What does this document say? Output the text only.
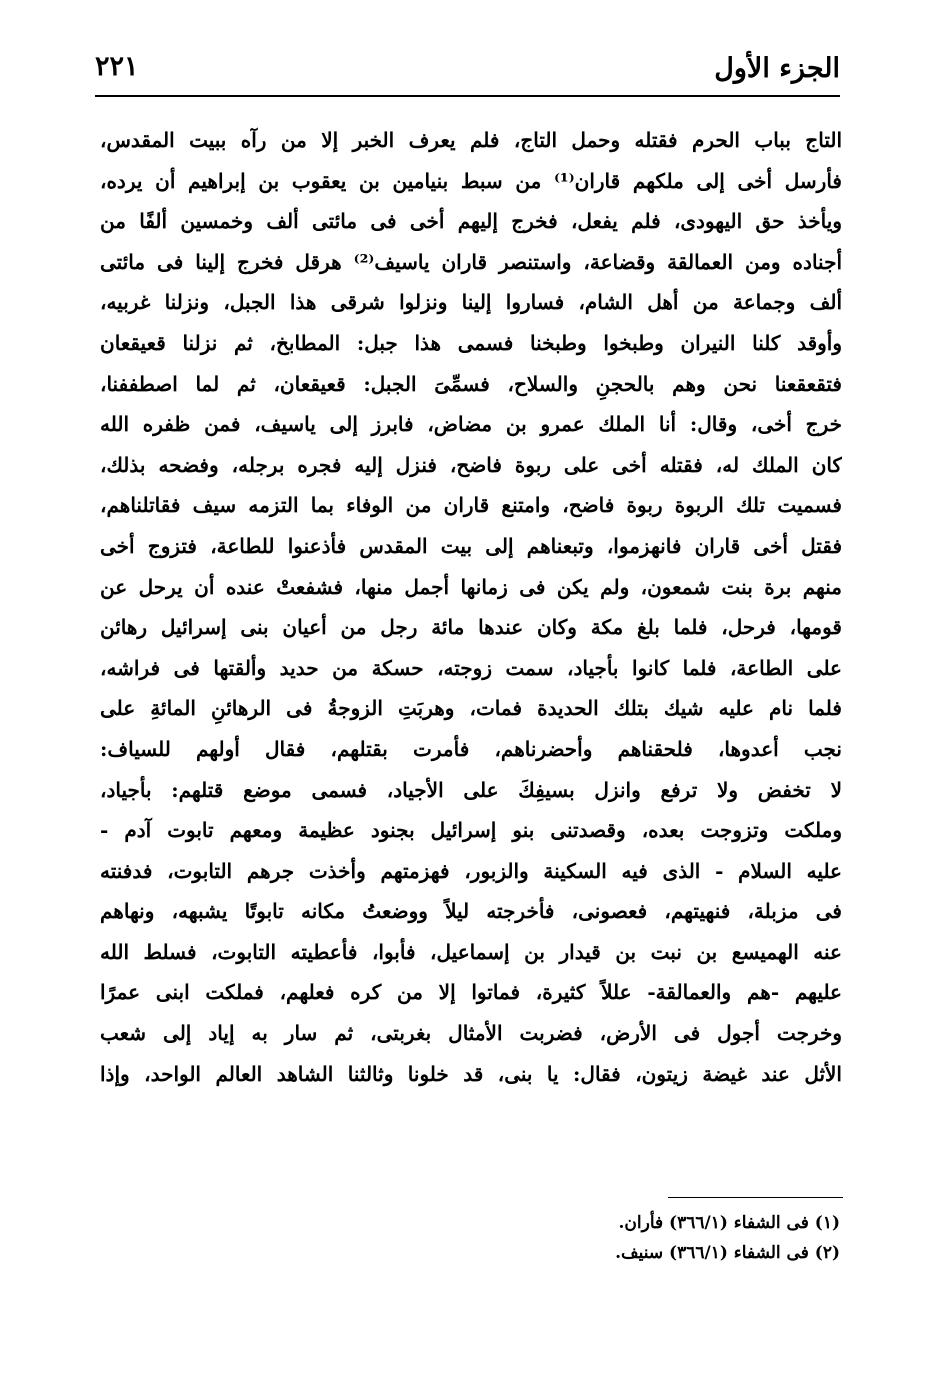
الجزء الأول
٢٢١
التاج بباب الحرم فقتله وحمل التاج، فلم يعرف الخبر إلا من رآه ببيت المقدس،
فأرسل أخى إلى ملكهم قاران⁽¹⁾ من سبط بنيامين بن يعقوب بن إبراهيم أن يرده،
ويأخذ حق اليهودى، فلم يفعل، فخرج إليهم أخى فى مائتى ألف وخمسين ألفًا من
أجناده ومن العمالقة وقضاعة، واستنصر قاران ياسيف⁽²⁾ هرقل فخرج إلينا فى مائتى
ألف وجماعة من أهل الشام، فساروا إلينا ونزلوا شرقى هذا الجبل، ونزلنا غربيه،
وأوقد كلنا النيران وطبخوا وطبخنا فسمى هذا جبل: المطابخ، ثم نزلنا قعيقعان
فتقعقعنا نحن وهم بالحجنِ والسلاح، فسمِّىَ الجبل: قعيقعان، ثم لما اصطففنا،
خرج أخى، وقال: أنا الملك عمرو بن مضاض، فابرز إلى ياسيف، فمن ظفره الله
كان الملك له، فقتله أخى على ربوة فاضح، فنزل إليه فجره برجله، وفضحه بذلك،
فسميت تلك الربوة ربوة فاضح، وامتنع قاران من الوفاء بما التزمه سيف فقاتلناهم،
فقتل أخى قاران فانهزموا، وتبعناهم إلى بيت المقدس فأذعنوا للطاعة، فتزوج أخى
منهم برة بنت شمعون، ولم يكن فى زمانها أجمل منها، فشفعتْ عنده أن يرحل عن
قومها، فرحل، فلما بلغ مكة وكان عندها مائة رجل من أعيان بنى إسرائيل رهائن
على الطاعة، فلما كانوا بأجياد، سمت زوجته، حسكة من حديد وألقتها فى فراشه،
فلما نام عليه شيك بتلك الحديدة فمات، وهربَتِ الزوجةُ فى الرهائنِ المائةِ على
نجب أعدوها، فلحقناهم وأحضرناهم، فأمرت بقتلهم، فقال أولهم للسياف:
لا تخفض ولا ترفع وانزل بسيفِكَ على الأجياد، فسمى موضع قتلهم: بأجياد،
وملكت وتزوجت بعده، وقصدتنى بنو إسرائيل بجنود عظيمة ومعهم تابوت آدم -
عليه السلام - الذى فيه السكينة والزبور، فهزمتهم وأخذت جرهم التابوت، فدفنته
فى مزبلة، فنهيتهم، فعصونى، فأخرجته ليلاً ووضعتُ مكانه تابوتًا يشبهه، ونهاهم
عنه الهميسع بن نبت بن قيدار بن إسماعيل، فأبوا، فأعطيته التابوت، فسلط الله
عليهم -هم والعمالقة- عللاً كثيرة، فماتوا إلا من كره فعلهم، فملكت ابنى عمرًا
وخرجت أجول فى الأرض، فضربت الأمثال بغربتى، ثم سار به إياد إلى شعب
الأثل عند غيضة زيتون، فقال: يا بنى، قد خلونا وثالثنا الشاهد العالم الواحد، وإذا
(١) فى الشفاء (٣٦٦/١) فأران.
(٢) فى الشفاء (٣٦٦/١) سنيف.
